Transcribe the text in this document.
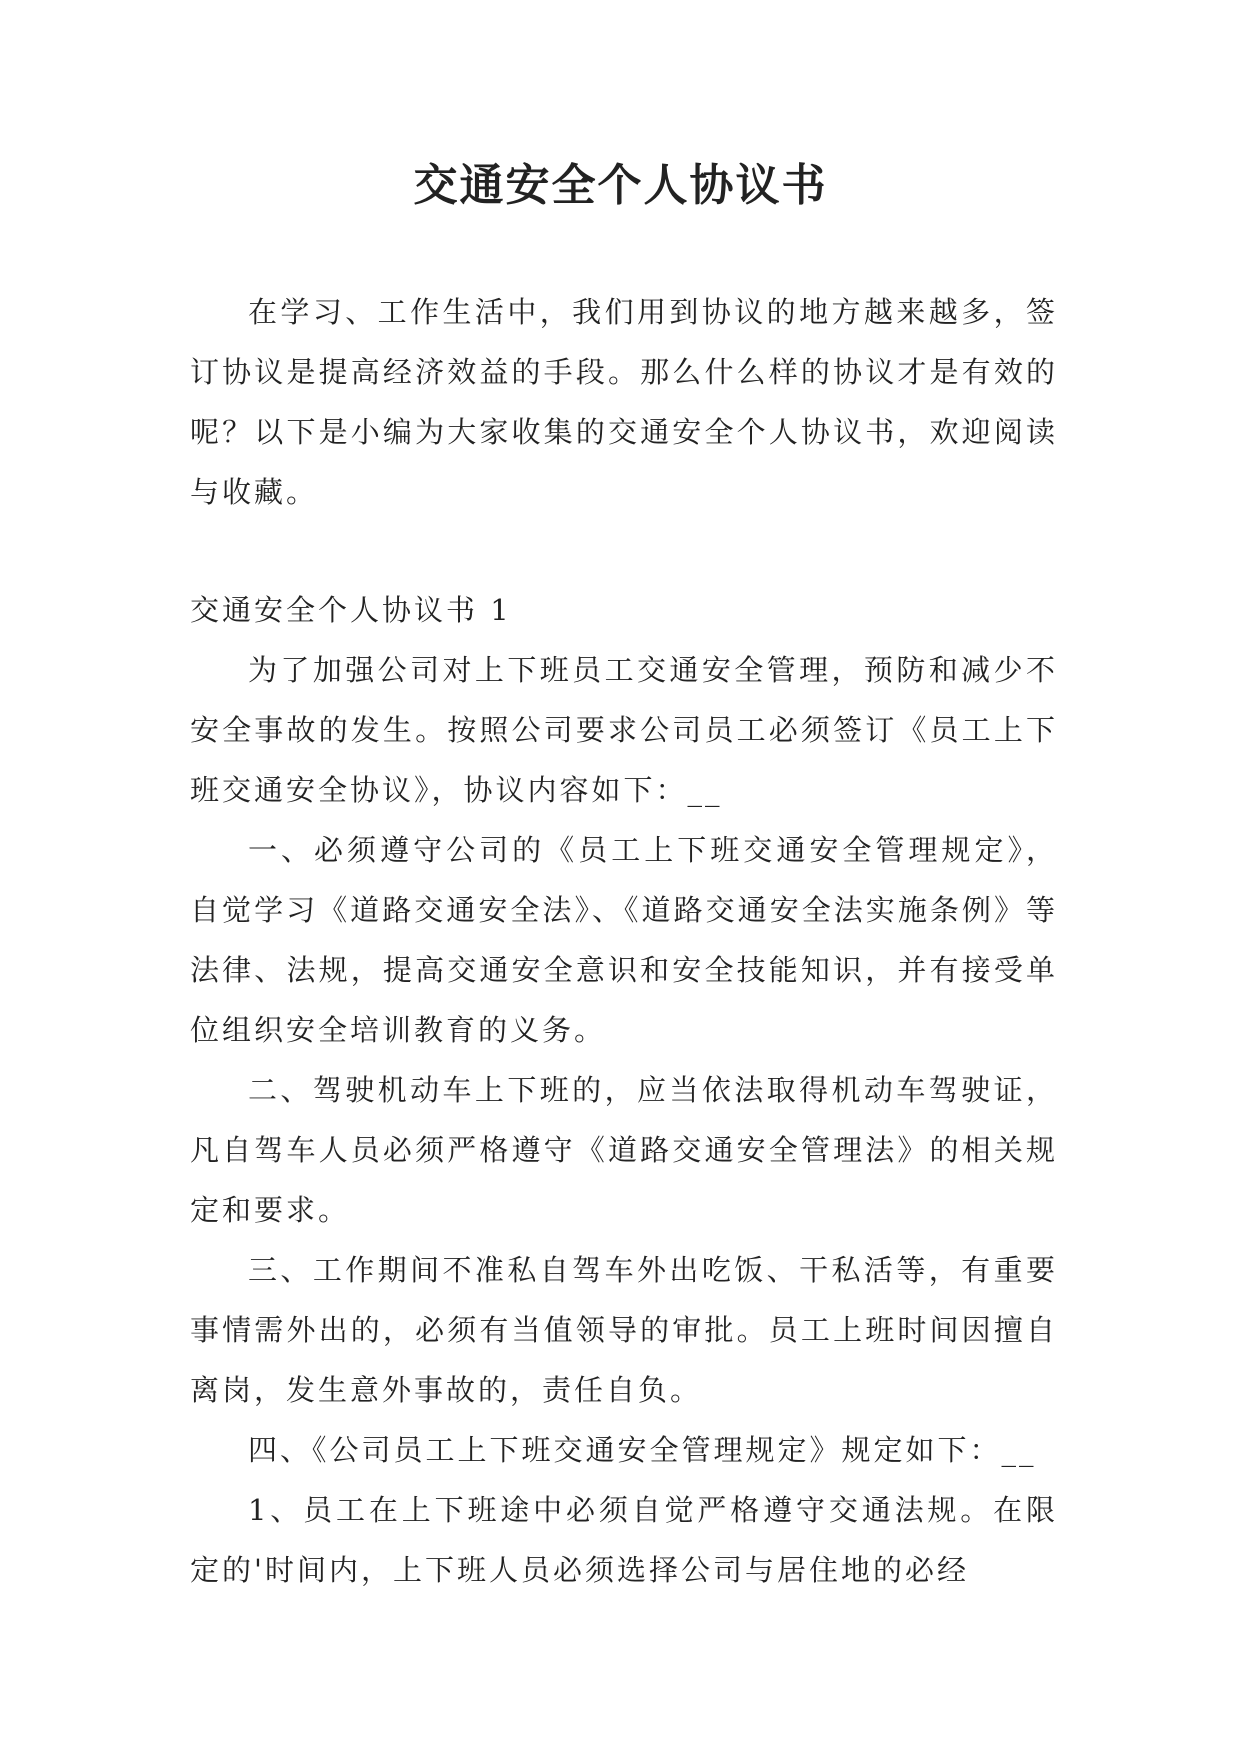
交通安全个人协议书

在学习、工作生活中，我们用到协议的地方越来越多，签订协议是提高经济效益的手段。那么什么样的协议才是有效的呢？以下是小编为大家收集的交通安全个人协议书，欢迎阅读与收藏。

交通安全个人协议书 1

为了加强公司对上下班员工交通安全管理，预防和减少不安全事故的发生。按照公司要求公司员工必须签订《员工上下班交通安全协议》，协议内容如下：__

一、必须遵守公司的《员工上下班交通安全管理规定》，自觉学习《道路交通安全法》、《道路交通安全法实施条例》等法律、法规，提高交通安全意识和安全技能知识，并有接受单位组织安全培训教育的义务。

二、驾驶机动车上下班的，应当依法取得机动车驾驶证，凡自驾车人员必须严格遵守《道路交通安全管理法》的相关规定和要求。

三、工作期间不准私自驾车外出吃饭、干私活等，有重要事情需外出的，必须有当值领导的审批。员工上班时间因擅自离岗，发生意外事故的，责任自负。

四、《公司员工上下班交通安全管理规定》规定如下：__

1、员工在上下班途中必须自觉严格遵守交通法规。在限定的'时间内，上下班人员必须选择公司与居住地的必经
